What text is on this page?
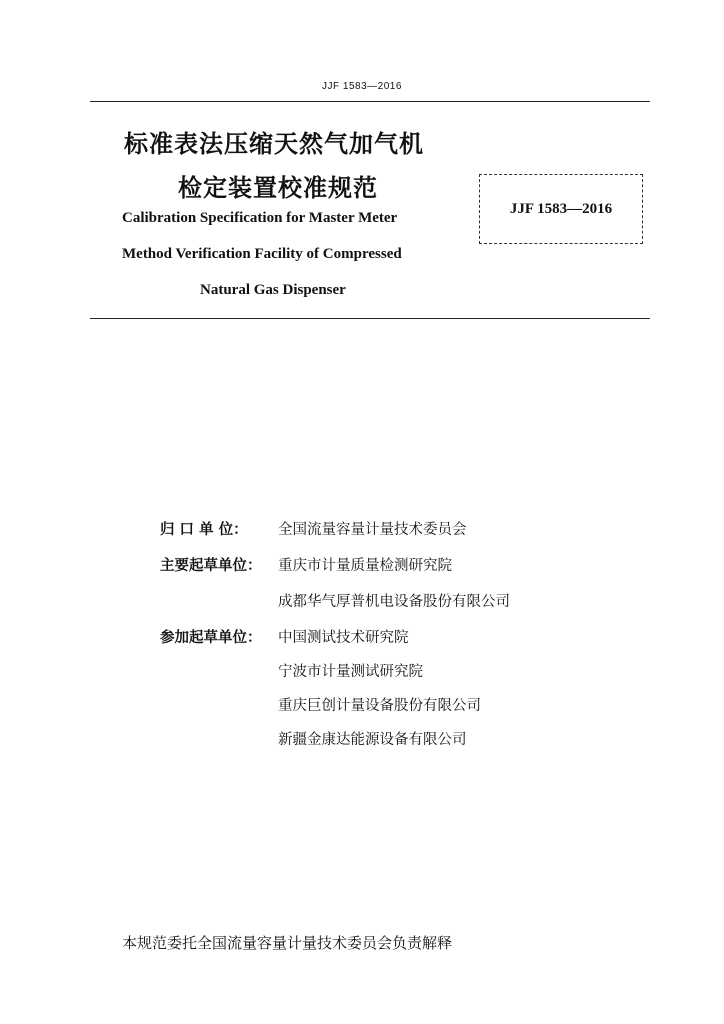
JJF 1583—2016
标准表法压缩天然气加气机
检定装置校准规范
Calibration Specification for Master Meter
Method Verification Facility of Compressed
Natural Gas Dispenser
JJF 1583—2016
归 口 单 位：	全国流量容量计量技术委员会
主要起草单位：	重庆市计量质量检测研究院
成都华气厚普机电设备股份有限公司
参加起草单位：	中国测试技术研究院
宁波市计量测试研究院
重庆巨创计量设备股份有限公司
新疆金康达能源设备有限公司
本规范委托全国流量容量计量技术委员会负责解释
